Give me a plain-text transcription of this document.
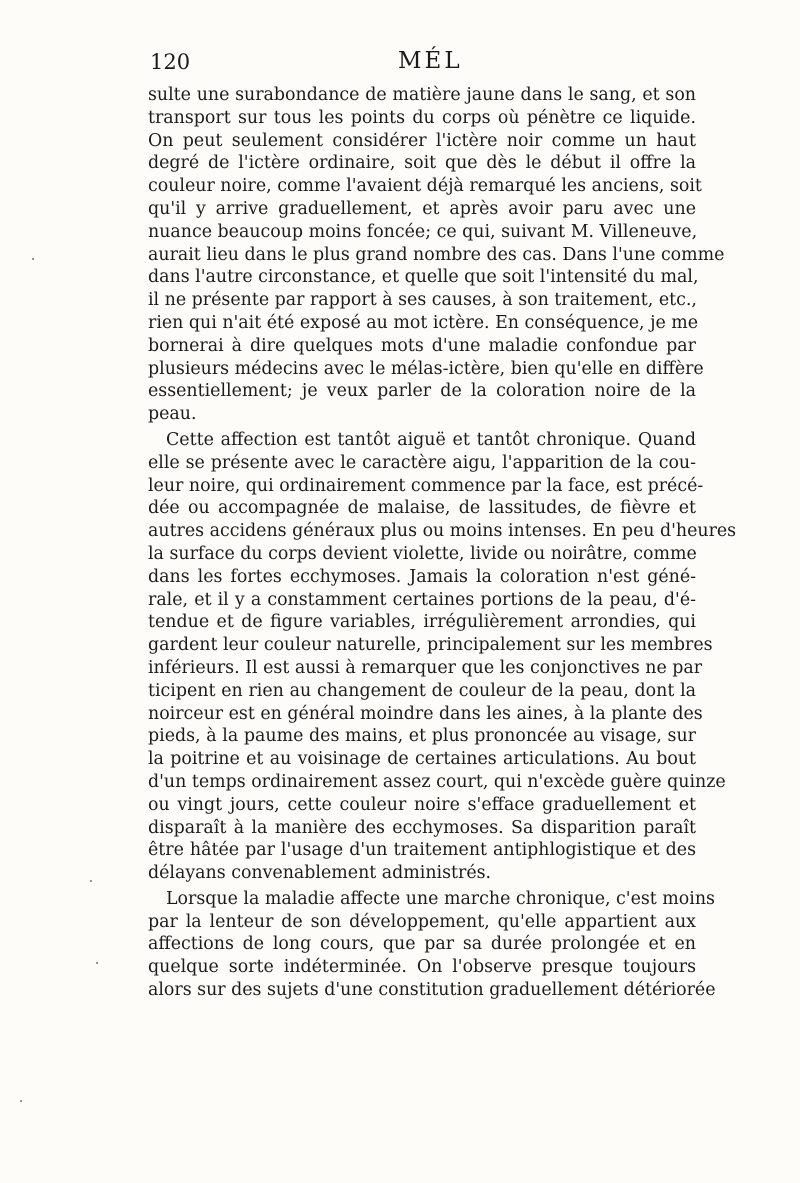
120	MÉL
sulte une surabondance de matière jaune dans le sang, et son
transport sur tous les points du corps où pénètre ce liquide.
On peut seulement considérer l'ictère noir comme un haut
degré de l'ictère ordinaire, soit que dès le début il offre la
couleur noire, comme l'avaient déjà remarqué les anciens, soit
qu'il y arrive graduellement, et après avoir paru avec une
nuance beaucoup moins foncée; ce qui, suivant M. Villeneuve,
aurait lieu dans le plus grand nombre des cas. Dans l'une comme
dans l'autre circonstance, et quelle que soit l'intensité du mal,
il ne présente par rapport à ses causes, à son traitement, etc.,
rien qui n'ait été exposé au mot ictère. En conséquence, je me
bornerai à dire quelques mots d'une maladie confondue par
plusieurs médecins avec le mélas-ictère, bien qu'elle en diffère
essentiellement; je veux parler de la coloration noire de la
peau.
Cette affection est tantôt aiguë et tantôt chronique. Quand
elle se présente avec le caractère aigu, l'apparition de la cou-
leur noire, qui ordinairement commence par la face, est précé-
dée ou accompagnée de malaise, de lassitudes, de fièvre et
autres accidens généraux plus ou moins intenses. En peu d'heures
la surface du corps devient violette, livide ou noirâtre, comme
dans les fortes ecchymoses. Jamais la coloration n'est géné-
rale, et il y a constamment certaines portions de la peau, d'é-
tendue et de figure variables, irrégulièrement arrondies, qui
gardent leur couleur naturelle, principalement sur les membres
inférieurs. Il est aussi à remarquer que les conjonctives ne par
ticipent en rien au changement de couleur de la peau, dont la
noirceur est en général moindre dans les aines, à la plante des
pieds, à la paume des mains, et plus prononcée au visage, sur
la poitrine et au voisinage de certaines articulations. Au bout
d'un temps ordinairement assez court, qui n'excède guère quinze
ou vingt jours, cette couleur noire s'efface graduellement et
disparaît à la manière des ecchymoses. Sa disparition paraît
être hâtée par l'usage d'un traitement antiphlogistique et des
délayans convenablement administrés.
Lorsque la maladie affecte une marche chronique, c'est moins
par la lenteur de son développement, qu'elle appartient aux
affections de long cours, que par sa durée prolongée et en
quelque sorte indéterminée. On l'observe presque toujours
alors sur des sujets d'une constitution graduellement détériorée
